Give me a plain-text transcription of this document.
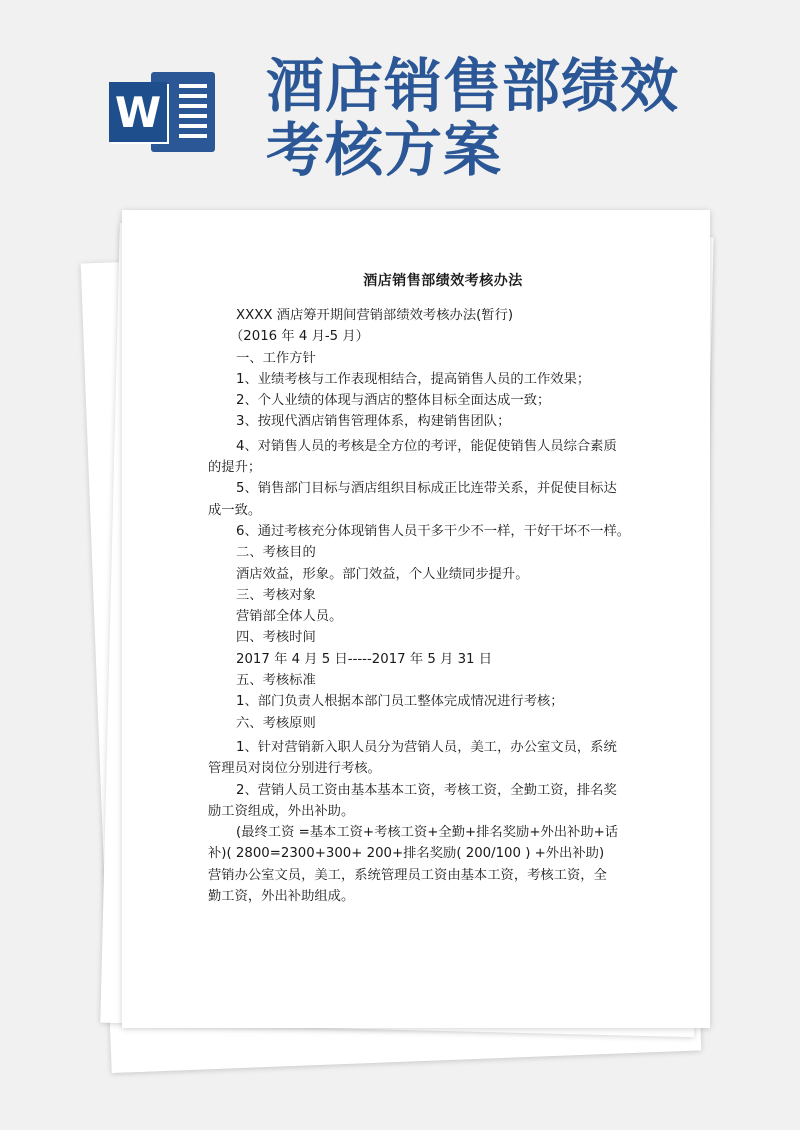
W 酒店销售部绩效考核方案

酒店销售部绩效考核办法

XXXX 酒店筹开期间营销部绩效考核办法(暂行)

（2016 年 4 月-5 月）

一、工作方针

1、业绩考核与工作表现相结合，提高销售人员的工作效果；

2、个人业绩的体现与酒店的整体目标全面达成一致；

3、按现代酒店销售管理体系，构建销售团队；

4、对销售人员的考核是全方位的考评，能促使销售人员综合素质

的提升；

5、销售部门目标与酒店组织目标成正比连带关系，并促使目标达

成一致。

6、通过考核充分体现销售人员干多干少不一样，干好干坏不一样。

二、考核目的

酒店效益，形象。部门效益，个人业绩同步提升。

三、考核对象

营销部全体人员。

四、考核时间

2017 年 4 月 5 日-----2017 年 5 月 31 日

五、考核标准

1、部门负责人根据本部门员工整体完成情况进行考核；

六、考核原则

1、针对营销新入职人员分为营销人员，美工，办公室文员，系统

管理员对岗位分别进行考核。

2、营销人员工资由基本基本工资，考核工资，全勤工资，排名奖

励工资组成，外出补助。

(最终工资 =基本工资+考核工资+全勤+排名奖励+外出补助+话

补)( 2800=2300+300+ 200+排名奖励( 200/100 ) +外出补助)

营销办公室文员，美工，系统管理员工资由基本工资，考核工资，全

勤工资，外出补助组成。
